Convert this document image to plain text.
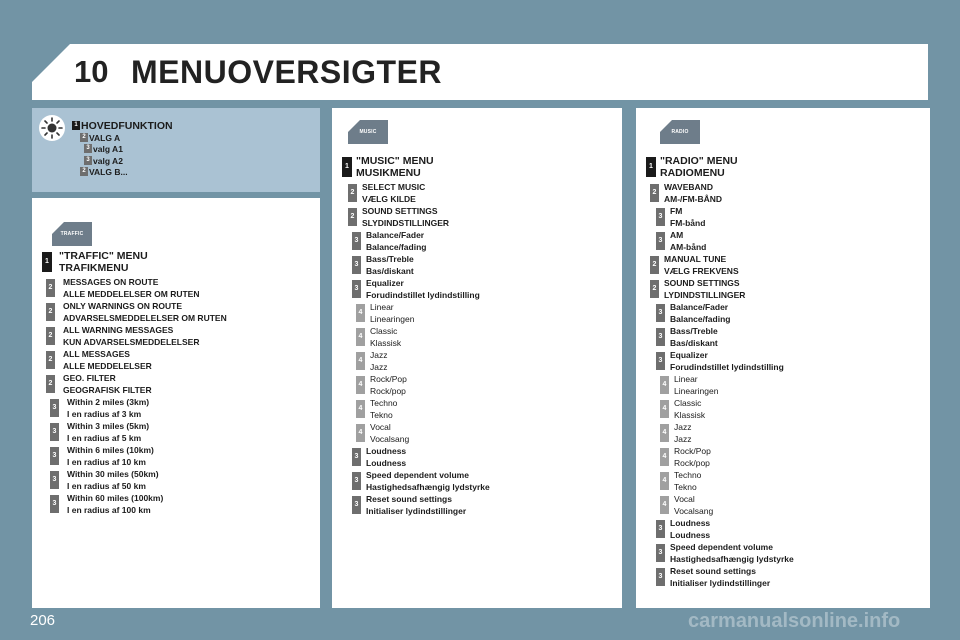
10 MENUOVERSIGTER
1 HOVEDFUNKTION
2 VALG A
3 valg A1
3 valg A2
2 VALG B...
TRAFFIC
1 "TRAFFIC" MENU
TRAFIKMENU
2
MESSAGES ON ROUTE
ALLE MEDDELELSER OM RUTEN
2
ONLY WARNINGS ON ROUTE
ADVARSELSMEDDELELSER OM RUTEN
2
ALL WARNING MESSAGES
KUN ADVARSELSMEDDELELSER
2
ALL MESSAGES
ALLE MEDDELELSER
2
GEO. FILTER
GEOGRAFISK FILTER
3
Within 2 miles (3km)
I en radius af 3 km
3
Within 3 miles (5km)
I en radius af 5 km
3
Within 6 miles (10km)
I en radius af 10 km
3
Within 30 miles (50km)
I en radius af 50 km
3
Within 60 miles (100km)
I en radius af 100 km
MUSIC
1 "MUSIC" MENU
MUSIKMENU
2
SELECT MUSIC
VÆLG KILDE
2
SOUND SETTINGS
SLYDINDSTILLINGER
3
Balance/Fader
Balance/fading
3
Bass/Treble
Bas/diskant
3
Equalizer
Forudindstillet lydindstilling
4
Linear
Linearingen
4
Classic
Klassisk
4
Jazz
Jazz
4
Rock/Pop
Rock/pop
4
Techno
Tekno
4
Vocal
Vocalsang
3
Loudness
Loudness
3
Speed dependent volume
Hastighedsafhængig lydstyrke
3
Reset sound settings
Initialiser lydindstillinger
RADIO
1 "RADIO" MENU
RADIOMENU
2
WAVEBAND
AM-/FM-BÅND
3
FM
FM-bånd
3
AM
AM-bånd
2
MANUAL TUNE
VÆLG FREKVENS
2
SOUND SETTINGS
LYDINDSTILLINGER
3
Balance/Fader
Balance/fading
3
Bass/Treble
Bas/diskant
3
Equalizer
Forudindstillet lydindstilling
4
Linear
Linearingen
4
Classic
Klassisk
4
Jazz
Jazz
4
Rock/Pop
Rock/pop
4
Techno
Tekno
4
Vocal
Vocalsang
3
Loudness
Loudness
3
Speed dependent volume
Hastighedsafhængig lydstyrke
3
Reset sound settings
Initialiser lydindstillinger
206	carmanualsonline.info
